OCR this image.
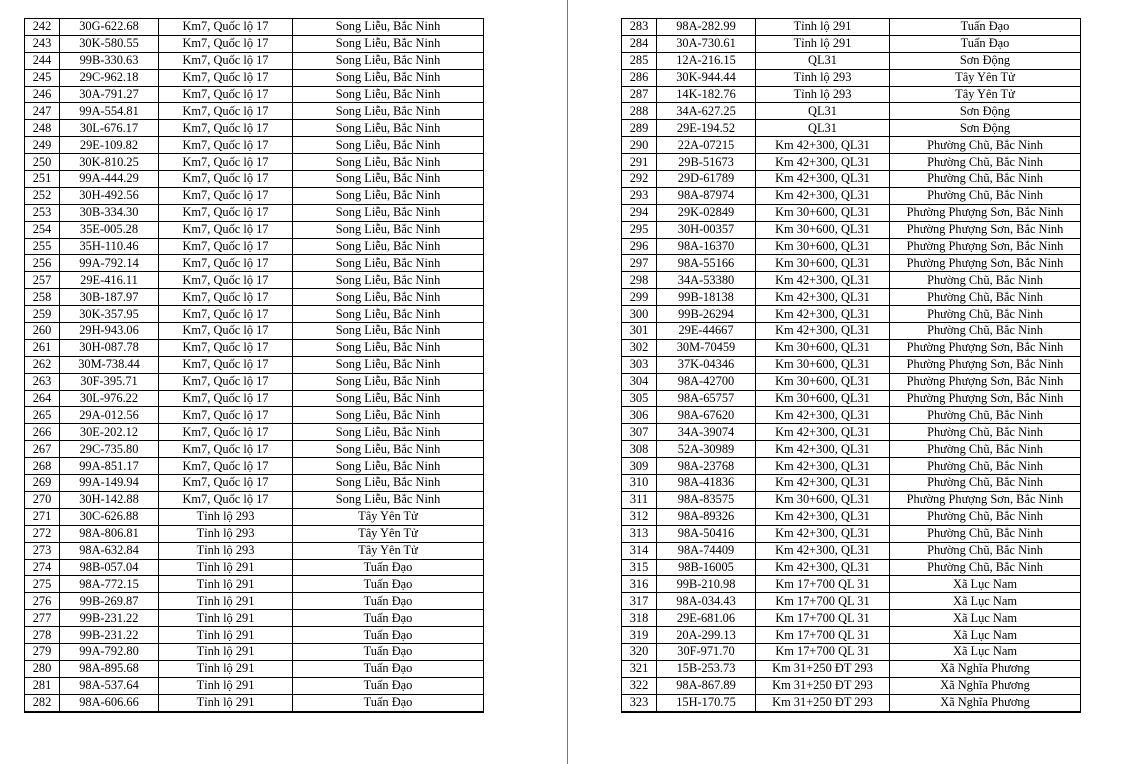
242	30G-622.68	Km7, Quốc lộ 17	Song Liễu, Bắc Ninh
243	30K-580.55	Km7, Quốc lộ 17	Song Liễu, Bắc Ninh
244	99B-330.63	Km7, Quốc lộ 17	Song Liễu, Bắc Ninh
245	29C-962.18	Km7, Quốc lộ 17	Song Liễu, Bắc Ninh
246	30A-791.27	Km7, Quốc lộ 17	Song Liễu, Bắc Ninh
247	99A-554.81	Km7, Quốc lộ 17	Song Liễu, Bắc Ninh
248	30L-676.17	Km7, Quốc lộ 17	Song Liễu, Bắc Ninh
249	29E-109.82	Km7, Quốc lộ 17	Song Liễu, Bắc Ninh
250	30K-810.25	Km7, Quốc lộ 17	Song Liễu, Bắc Ninh
251	99A-444.29	Km7, Quốc lộ 17	Song Liễu, Bắc Ninh
252	30H-492.56	Km7, Quốc lộ 17	Song Liễu, Bắc Ninh
253	30B-334.30	Km7, Quốc lộ 17	Song Liễu, Bắc Ninh
254	35E-005.28	Km7, Quốc lộ 17	Song Liễu, Bắc Ninh
255	35H-110.46	Km7, Quốc lộ 17	Song Liễu, Bắc Ninh
256	99A-792.14	Km7, Quốc lộ 17	Song Liễu, Bắc Ninh
257	29E-416.11	Km7, Quốc lộ 17	Song Liễu, Bắc Ninh
258	30B-187.97	Km7, Quốc lộ 17	Song Liễu, Bắc Ninh
259	30K-357.95	Km7, Quốc lộ 17	Song Liễu, Bắc Ninh
260	29H-943.06	Km7, Quốc lộ 17	Song Liễu, Bắc Ninh
261	30H-087.78	Km7, Quốc lộ 17	Song Liễu, Bắc Ninh
262	30M-738.44	Km7, Quốc lộ 17	Song Liễu, Bắc Ninh
263	30F-395.71	Km7, Quốc lộ 17	Song Liễu, Bắc Ninh
264	30L-976.22	Km7, Quốc lộ 17	Song Liễu, Bắc Ninh
265	29A-012.56	Km7, Quốc lộ 17	Song Liễu, Bắc Ninh
266	30E-202.12	Km7, Quốc lộ 17	Song Liễu, Bắc Ninh
267	29C-735.80	Km7, Quốc lộ 17	Song Liễu, Bắc Ninh
268	99A-851.17	Km7, Quốc lộ 17	Song Liễu, Bắc Ninh
269	99A-149.94	Km7, Quốc lộ 17	Song Liễu, Bắc Ninh
270	30H-142.88	Km7, Quốc lộ 17	Song Liễu, Bắc Ninh
271	30C-626.88	Tỉnh lộ 293	Tây Yên Tử
272	98A-806.81	Tỉnh lộ 293	Tây Yên Tử
273	98A-632.84	Tỉnh lộ 293	Tây Yên Tử
274	98B-057.04	Tỉnh lộ 291	Tuấn Đạo
275	98A-772.15	Tỉnh lộ 291	Tuấn Đạo
276	99B-269.87	Tỉnh lộ 291	Tuấn Đạo
277	99B-231.22	Tỉnh lộ 291	Tuấn Đạo
278	99B-231.22	Tỉnh lộ 291	Tuấn Đạo
279	99A-792.80	Tỉnh lộ 291	Tuấn Đạo
280	98A-895.68	Tỉnh lộ 291	Tuấn Đạo
281	98A-537.64	Tỉnh lộ 291	Tuấn Đạo
282	98A-606.66	Tỉnh lộ 291	Tuấn Đạo
283	98A-282.99	Tỉnh lộ 291	Tuấn Đạo
284	30A-730.61	Tỉnh lộ 291	Tuấn Đạo
285	12A-216.15	QL31	Sơn Động
286	30K-944.44	Tỉnh lộ 293	Tây Yên Tử
287	14K-182.76	Tỉnh lộ 293	Tây Yên Tử
288	34A-627.25	QL31	Sơn Động
289	29E-194.52	QL31	Sơn Động
290	22A-07215	Km 42+300, QL31	Phường Chũ, Bắc Ninh
291	29B-51673	Km 42+300, QL31	Phường Chũ, Bắc Ninh
292	29D-61789	Km 42+300, QL31	Phường Chũ, Bắc Ninh
293	98A-87974	Km 42+300, QL31	Phường Chũ, Bắc Ninh
294	29K-02849	Km 30+600, QL31	Phường Phượng Sơn, Bắc Ninh
295	30H-00357	Km 30+600, QL31	Phường Phượng Sơn, Bắc Ninh
296	98A-16370	Km 30+600, QL31	Phường Phượng Sơn, Bắc Ninh
297	98A-55166	Km 30+600, QL31	Phường Phượng Sơn, Bắc Ninh
298	34A-53380	Km 42+300, QL31	Phường Chũ, Bắc Ninh
299	99B-18138	Km 42+300, QL31	Phường Chũ, Bắc Ninh
300	99B-26294	Km 42+300, QL31	Phường Chũ, Bắc Ninh
301	29E-44667	Km 42+300, QL31	Phường Chũ, Bắc Ninh
302	30M-70459	Km 30+600, QL31	Phường Phượng Sơn, Bắc Ninh
303	37K-04346	Km 30+600, QL31	Phường Phượng Sơn, Bắc Ninh
304	98A-42700	Km 30+600, QL31	Phường Phượng Sơn, Bắc Ninh
305	98A-65757	Km 30+600, QL31	Phường Phượng Sơn, Bắc Ninh
306	98A-67620	Km 42+300, QL31	Phường Chũ, Bắc Ninh
307	34A-39074	Km 42+300, QL31	Phường Chũ, Bắc Ninh
308	52A-30989	Km 42+300, QL31	Phường Chũ, Bắc Ninh
309	98A-23768	Km 42+300, QL31	Phường Chũ, Bắc Ninh
310	98A-41836	Km 42+300, QL31	Phường Chũ, Bắc Ninh
311	98A-83575	Km 30+600, QL31	Phường Phượng Sơn, Bắc Ninh
312	98A-89326	Km 42+300, QL31	Phường Chũ, Bắc Ninh
313	98A-50416	Km 42+300, QL31	Phường Chũ, Bắc Ninh
314	98A-74409	Km 42+300, QL31	Phường Chũ, Bắc Ninh
315	98B-16005	Km 42+300, QL31	Phường Chũ, Bắc Ninh
316	99B-210.98	Km 17+700 QL 31	Xã Lục Nam
317	98A-034.43	Km 17+700 QL 31	Xã Lục Nam
318	29E-681.06	Km 17+700 QL 31	Xã Lục Nam
319	20A-299.13	Km 17+700 QL 31	Xã Lục Nam
320	30F-971.70	Km 17+700 QL 31	Xã Lục Nam
321	15B-253.73	Km 31+250 ĐT 293	Xã Nghĩa Phương
322	98A-867.89	Km 31+250 ĐT 293	Xã Nghĩa Phương
323	15H-170.75	Km 31+250 ĐT 293	Xã Nghĩa Phương
